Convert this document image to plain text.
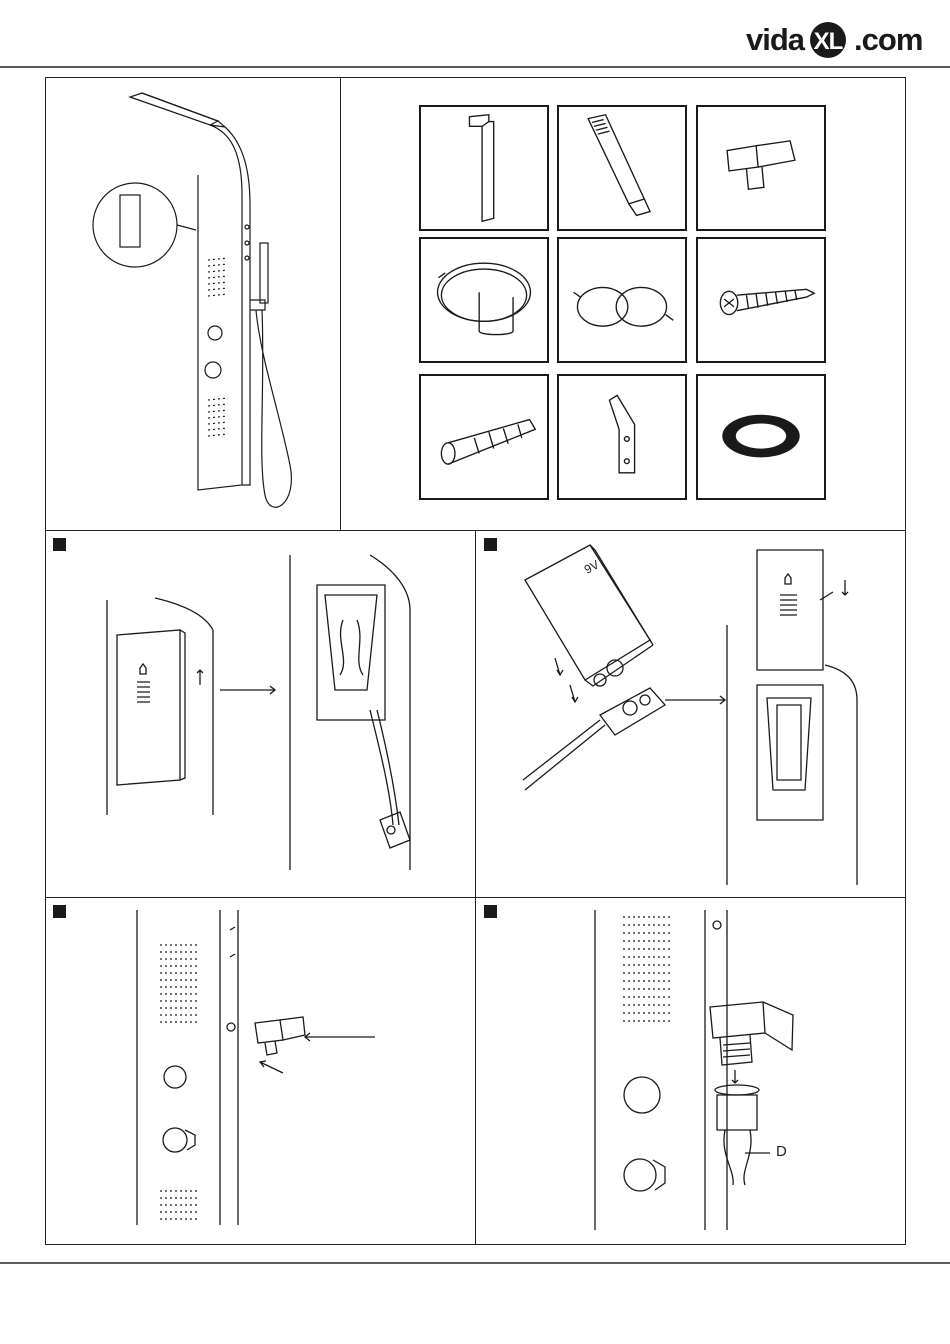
vida XL .com
9V
D
